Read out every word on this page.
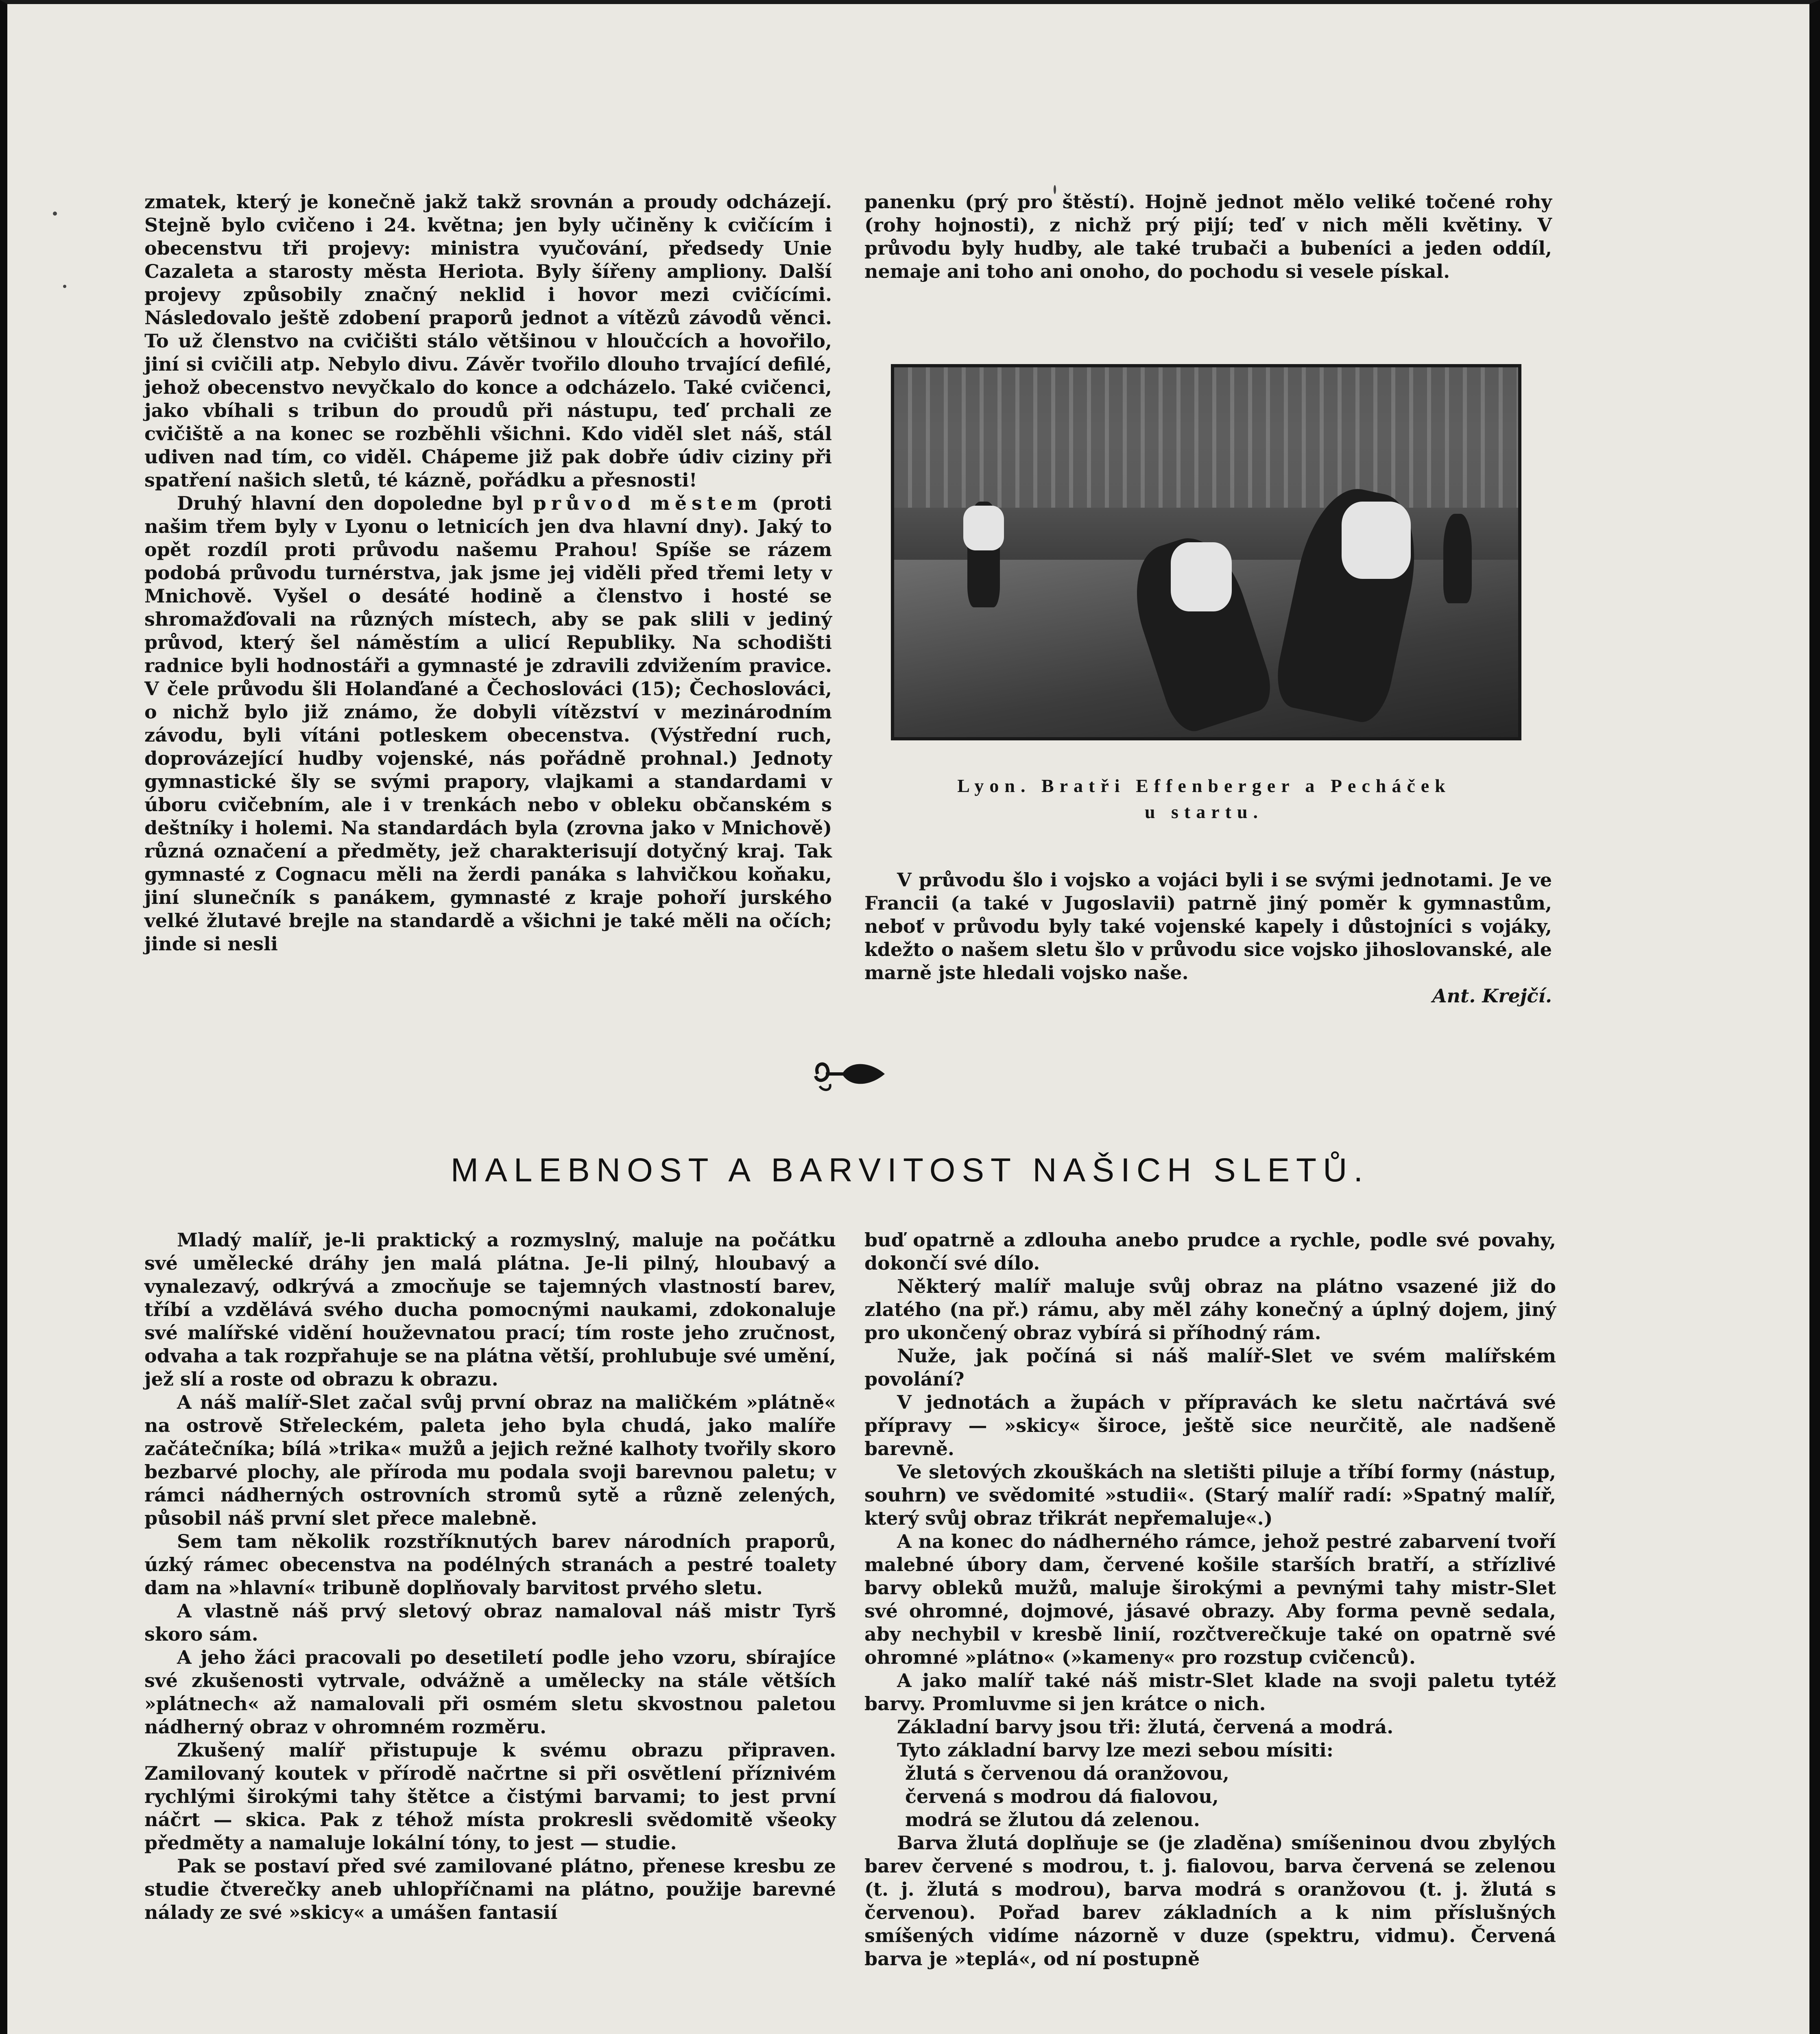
zmatek, který je konečně jakž takž srovnán a proudy odcházejí. Stejně bylo cvičeno i 24. května; jen byly učiněny k cvičícím i obecenstvu tři projevy: ministra vyučování, předsedy Unie Cazaleta a starosty města Heriota. Byly šířeny ampliony. Další projevy způsobily značný neklid i hovor mezi cvičícími. Následovalo ještě zdobení praporů jednot a vítězů závodů věnci. To už členstvo na cvičišti stálo většinou v hloučcích a hovořilo, jiní si cvičili atp. Nebylo divu. Závěr tvořilo dlouho trvající defilé, jehož obecenstvo nevyčkalo do konce a odcházelo. Také cvičenci, jako vbíhali s tribun do proudů při nástupu, teď prchali ze cvičiště a na konec se rozběhli všichni. Kdo viděl slet náš, stál udiven nad tím, co viděl. Chápeme již pak dobře údiv ciziny při spatření našich sletů, té kázně, pořádku a přesnosti!

Druhý hlavní den dopoledne byl průvod městem (proti našim třem byly v Lyonu o letnicích jen dva hlavní dny). Jaký to opět rozdíl proti průvodu našemu Prahou! Spíše se rázem podobá průvodu turnérstva, jak jsme jej viděli před třemi lety v Mnichově. Vyšel o desáté hodině a členstvo i hosté se shromažďovali na různých místech, aby se pak slili v jediný průvod, který šel náměstím a ulicí Republiky. Na schodišti radnice byli hodnostáři a gymnasté je zdravili zdvižením pravice. V čele průvodu šli Holanďané a Čechoslováci (15); Čechoslováci, o nichž bylo již známo, že dobyli vítězství v mezinárodním závodu, byli vítáni potleskem obecenstva. (Výstřední ruch, doprovázející hudby vojenské, nás pořádně prohnal.) Jednoty gymnastické šly se svými prapory, vlajkami a standardami v úboru cvičebním, ale i v trenkách nebo v obleku občanském s deštníky i holemi. Na standardách byla (zrovna jako v Mnichově) různá označení a předměty, jež charakterisují dotyčný kraj. Tak gymnasté z Cognacu měli na žerdi panáka s lahvičkou koňaku, jiní slunečník s panákem, gymnasté z kraje pohoří jurského velké žlutavé brejle na standardě a všichni je také měli na očích; jinde si nesli

panenku (prý pro štěstí). Hojně jednot mělo veliké točené rohy (rohy hojnosti), z nichž prý pijí; teď v nich měli květiny. V průvodu byly hudby, ale také trubači a bubeníci a jeden oddíl, nemaje ani toho ani onoho, do pochodu si vesele pískal.

Lyon. Bratři Effenberger a Pecháček
u startu.

V průvodu šlo i vojsko a vojáci byli i se svými jednotami. Je ve Francii (a také v Jugoslavii) patrně jiný poměr k gymnastům, neboť v průvodu byly také vojenské kapely i důstojníci s vojáky, kdežto o našem sletu šlo v průvodu sice vojsko jihoslovanské, ale marně jste hledali vojsko naše.

Ant. Krejčí.

MALEBNOST A BARVITOST NAŠICH SLETŮ.

Mladý malíř, je-li praktický a rozmyslný, maluje na počátku své umělecké dráhy jen malá plátna. Je-li pilný, hloubavý a vynalezavý, odkrývá a zmocňuje se tajemných vlastností barev, tříbí a vzdělává svého ducha pomocnými naukami, zdokonaluje své malířské vidění houževnatou prací; tím roste jeho zručnost, odvaha a tak rozpřahuje se na plátna větší, prohlubuje své umění, jež slí a roste od obrazu k obrazu.

A náš malíř-Slet začal svůj první obraz na maličkém »plátně« na ostrově Střeleckém, paleta jeho byla chudá, jako malíře začátečníka; bílá »trika« mužů a jejich režné kalhoty tvořily skoro bezbarvé plochy, ale příroda mu podala svoji barevnou paletu; v rámci nádherných ostrovních stromů sytě a různě zelených, působil náš první slet přece malebně.

Sem tam několik rozstříknutých barev národních praporů, úzký rámec obecenstva na podélných stranách a pestré toalety dam na »hlavní« tribuně doplňovaly barvitost prvého sletu.

A vlastně náš prvý sletový obraz namaloval náš mistr Tyrš skoro sám.

A jeho žáci pracovali po desetiletí podle jeho vzoru, sbírajíce své zkušenosti vytrvale, odvážně a umělecky na stále větších »plátnech« až namalovali při osmém sletu skvostnou paletou nádherný obraz v ohromném rozměru.

Zkušený malíř přistupuje k svému obrazu připraven. Zamilovaný koutek v přírodě načrtne si při osvětlení příznivém rychlými širokými tahy štětce a čistými barvami; to jest první náčrt — skica. Pak z téhož místa prokresli svědomitě všeoky předměty a namaluje lokální tóny, to jest — studie.

Pak se postaví před své zamilované plátno, přenese kresbu ze studie čtverečky aneb uhlopříčnami na plátno, použije barevné nálady ze své »skicy« a umášen fantasií

buď opatrně a zdlouha anebo prudce a rychle, podle své povahy, dokončí své dílo.

Některý malíř maluje svůj obraz na plátno vsazené již do zlatého (na př.) rámu, aby měl záhy konečný a úplný dojem, jiný pro ukončený obraz vybírá si příhodný rám.

Nuže, jak počíná si náš malíř-Slet ve svém malířském povolání?

V jednotách a župách v přípravách ke sletu načrtává své přípravy — »skicy« široce, ještě sice neurčitě, ale nadšeně barevně.

Ve sletových zkouškách na sletišti piluje a tříbí formy (nástup, souhrn) ve svědomité »studii«. (Starý malíř radí: »Spatný malíř, který svůj obraz třikrát nepřemaluje«.)

A na konec do nádherného rámce, jehož pestré zabarvení tvoří malebné úbory dam, červené košile starších bratří, a střízlivé barvy obleků mužů, maluje širokými a pevnými tahy mistr-Slet své ohromné, dojmové, jásavé obrazy. Aby forma pevně sedala, aby nechybil v kresbě linií, rozčtverečkuje také on opatrně své ohromné »plátno« (»kameny« pro rozstup cvičenců).

A jako malíř také náš mistr-Slet klade na svoji paletu tytéž barvy. Promluvme si jen krátce o nich.

Základní barvy jsou tři: žlutá, červená a modrá.

Tyto základní barvy lze mezi sebou mísiti:

žlutá s červenou dá oranžovou,

červená s modrou dá fialovou,

modrá se žlutou dá zelenou.

Barva žlutá doplňuje se (je zladěna) smíšeninou dvou zbylých barev červené s modrou, t. j. fialovou, barva červená se zelenou (t. j. žlutá s modrou), barva modrá s oranžovou (t. j. žlutá s červenou). Pořad barev základních a k nim příslušných smíšených vidíme názorně v duze (spektru, vidmu). Červená barva je »teplá«, od ní postupně
